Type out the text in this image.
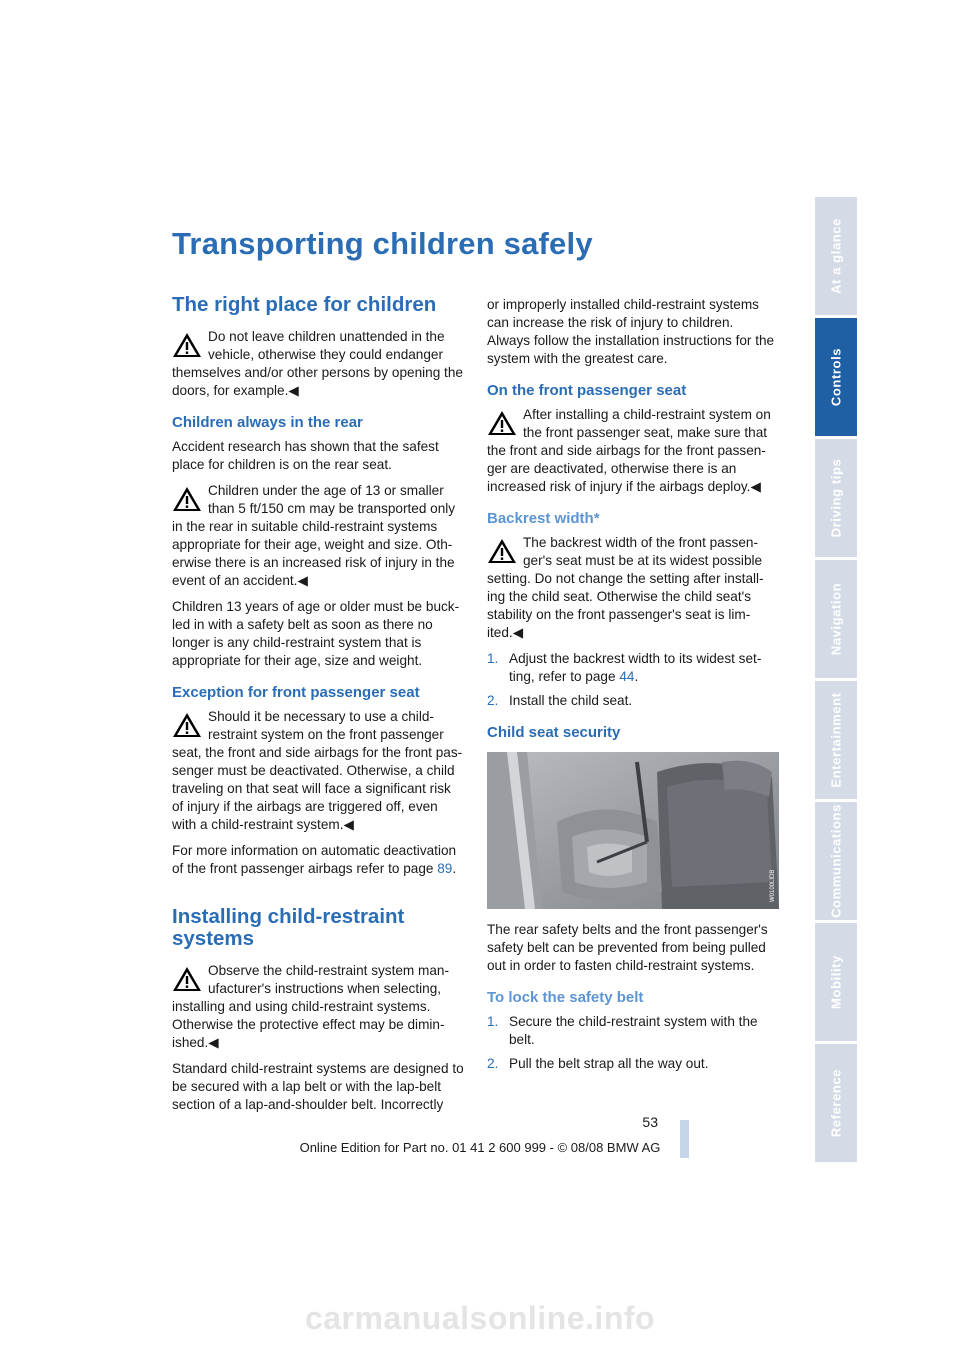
Transporting children safely
The right place for children
Do not leave children unattended in the vehicle, otherwise they could endanger themselves and/or other persons by opening the doors, for example.◀
Children always in the rear

Accident research has shown that the safest place for children is on the rear seat.

Children under the age of 13 or smaller than 5 ft/150 cm may be transported only in the rear in suitable child-restraint systems appropriate for their age, weight and size. Oth-erwise there is an increased risk of injury in the event of an accident.◀

Children 13 years of age or older must be buck-led in with a safety belt as soon as there no longer is any child-restraint system that is appropriate for their age, size and weight.

Exception for front passenger seat
Should it be necessary to use a child-restraint system on the front passenger seat, the front and side airbags for the front pas-senger must be deactivated. Otherwise, a child traveling on that seat will face a significant risk of injury if the airbags are triggered off, even with a child-restraint system.◀

For more information on automatic deactivation of the front passenger airbags refer to page 89.

Installing child-restraint systems
Observe the child-restraint system man-ufacturer's instructions when selecting, installing and using child-restraint systems. Otherwise the protective effect may be dimin-ished.◀

Standard child-restraint systems are designed to be secured with a lap belt or with the lap-belt section of a lap-and-shoulder belt. Incorrectly

or improperly installed child-restraint systems can increase the risk of injury to children. Always follow the installation instructions for the system with the greatest care.

On the front passenger seat
After installing a child-restraint system on the front passenger seat, make sure that the front and side airbags for the front passen-ger are deactivated, otherwise there is an increased risk of injury if the airbags deploy.◀
Backrest width*
The backrest width of the front passen-ger's seat must be at its widest possible setting. Do not change the setting after install-ing the child seat. Otherwise the child seat's stability on the front passenger's seat is lim-ited.◀
1. Adjust the backrest width to its widest set-ting, refer to page 44.
2. Install the child seat.
Child seat security
W0100LIDB

The rear safety belts and the front passenger's safety belt can be prevented from being pulled out in order to fasten child-restraint systems.

To lock the safety belt
1. Secure the child-restraint system with the belt.
2. Pull the belt strap all the way out.
At a glance
Controls
Driving tips
Navigation
Entertainment
Communications
Mobility
Reference
53
Online Edition for Part no. 01 41 2 600 999 - © 08/08 BMW AG
carmanualsonline.info
